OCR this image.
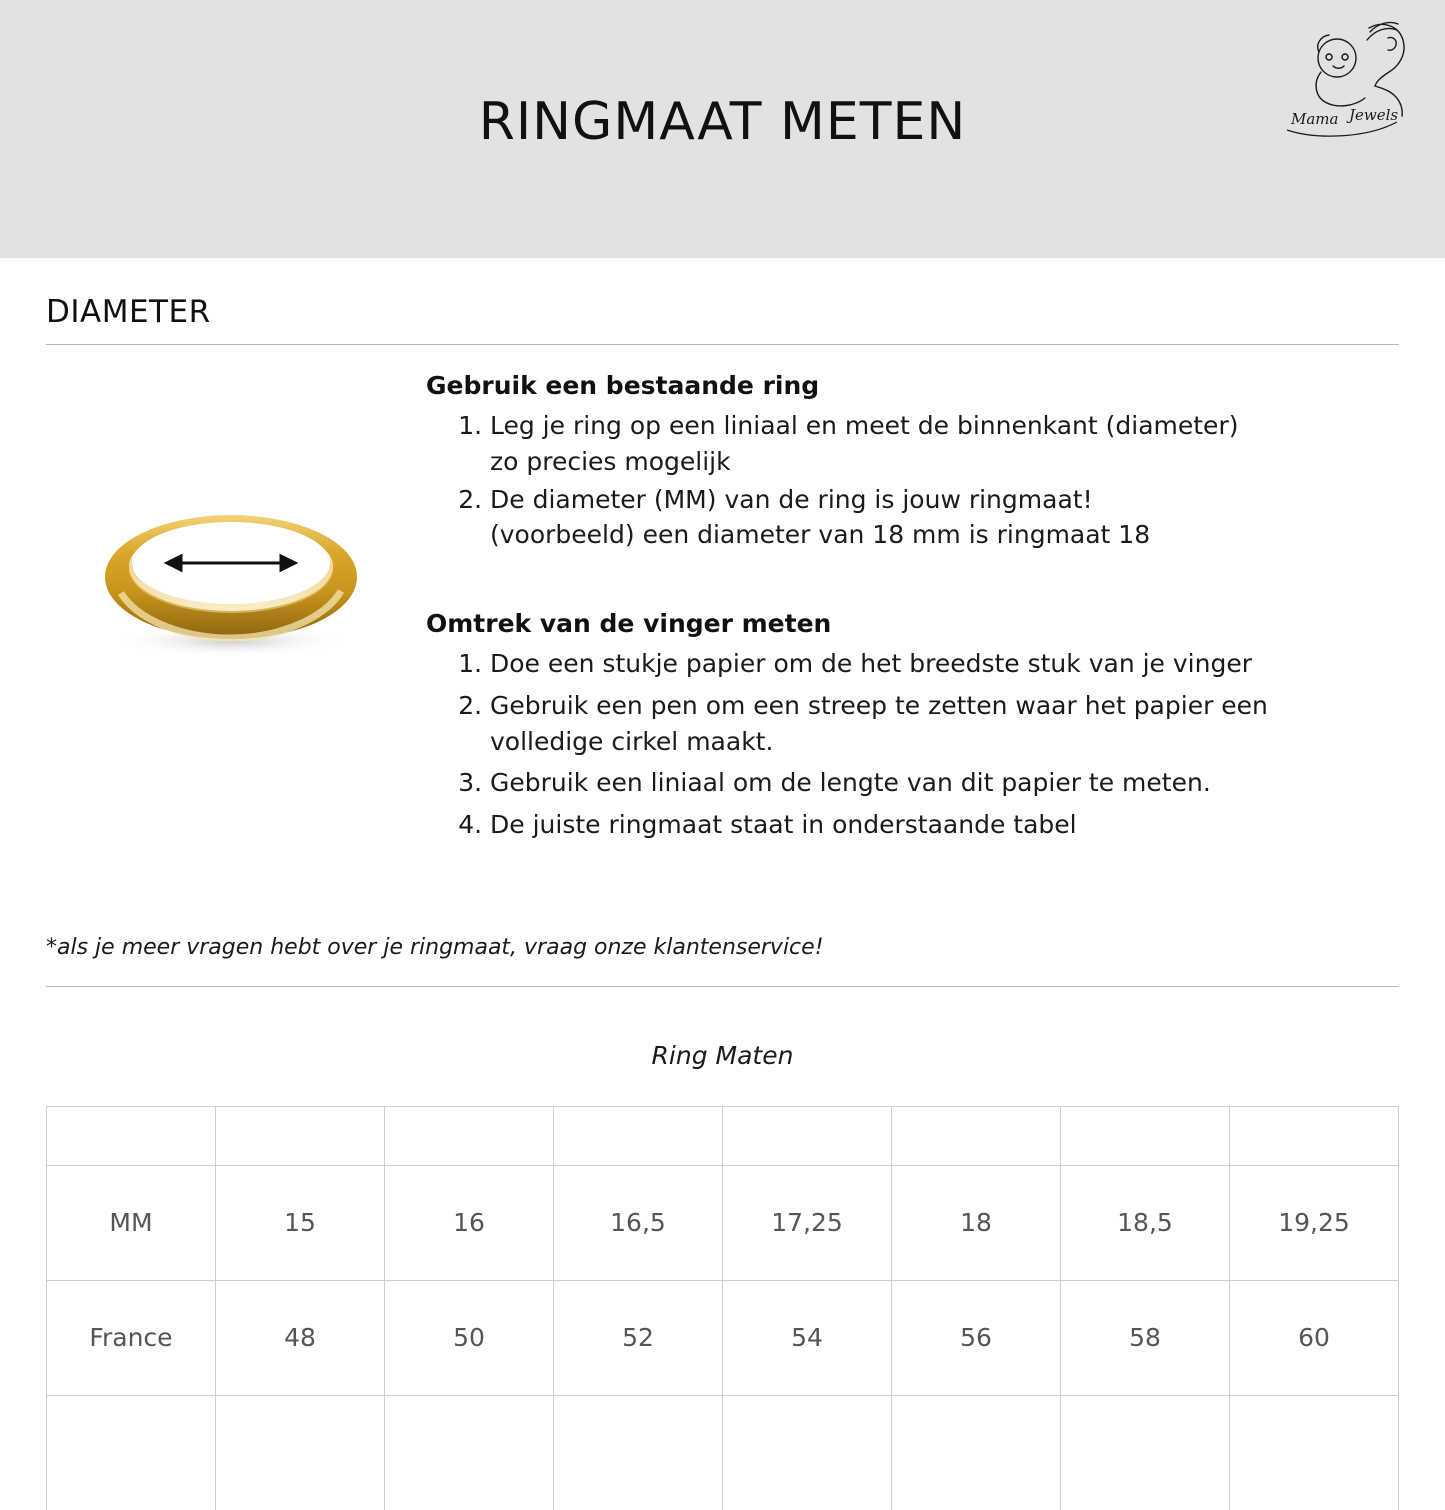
RINGMAAT METEN	Mama Jewels
DIAMETER
Gebruik een bestaande ring
1. Leg je ring op een liniaal en meet de binnenkant (diameter)
zo precies mogelijk
2. De diameter (MM) van de ring is jouw ringmaat!
(voorbeeld) een diameter van 18 mm is ringmaat 18
Omtrek van de vinger meten
1. Doe een stukje papier om de het breedste stuk van je vinger
2. Gebruik een pen om een streep te zetten waar het papier een
volledige cirkel maakt.
3. Gebruik een liniaal om de lengte van dit papier te meten.
4. De juiste ringmaat staat in onderstaande tabel
*als je meer vragen hebt over je ringmaat, vraag onze klantenservice!
Ring Maten

MM	15	16	16,5	17,25	18	18,5	19,25
France	48	50	52	54	56	58	60
